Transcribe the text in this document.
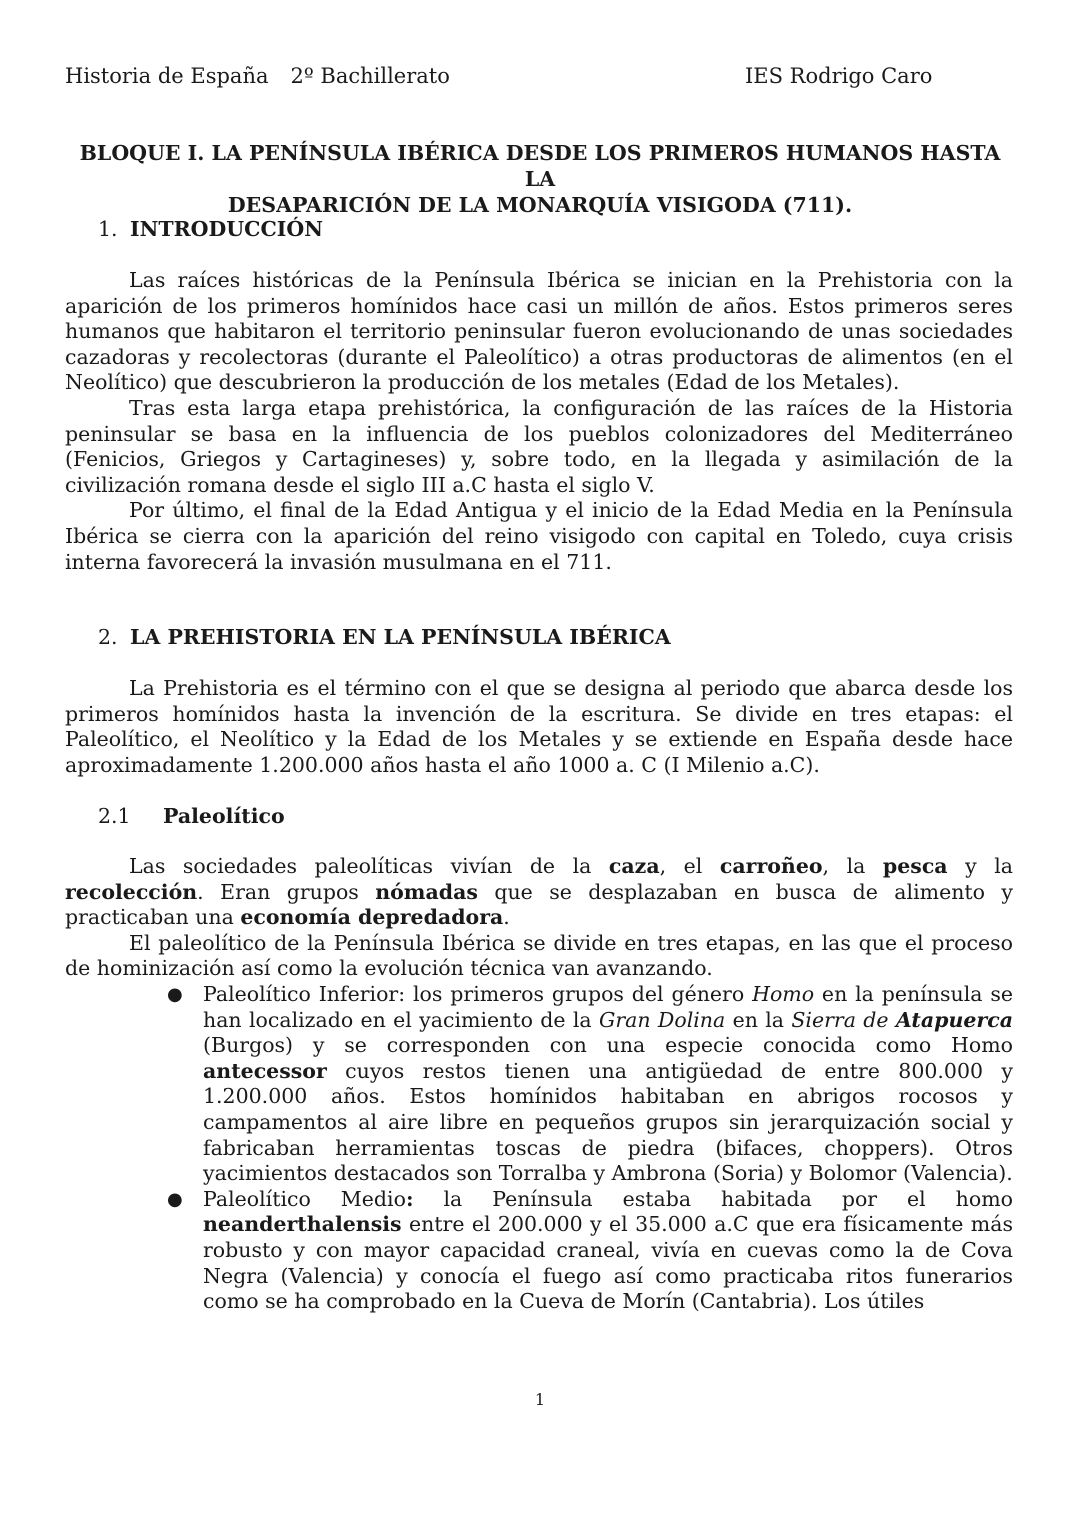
Historia de España 2º Bachillerato	IES Rodrigo Caro
BLOQUE I. LA PENÍNSULA IBÉRICA DESDE LOS PRIMEROS HUMANOS HASTA LA
DESAPARICIÓN DE LA MONARQUÍA VISIGODA (711).
1. INTRODUCCIÓN

Las raíces históricas de la Península Ibérica se inician en la Prehistoria con la aparición de los primeros homínidos hace casi un millón de años. Estos primeros seres humanos que habitaron el territorio peninsular fueron evolucionando de unas sociedades cazadoras y recolectoras (durante el Paleolítico) a otras productoras de alimentos (en el Neolítico) que descubrieron la producción de los metales (Edad de los Metales).

Tras esta larga etapa prehistórica, la configuración de las raíces de la Historia peninsular se basa en la influencia de los pueblos colonizadores del Mediterráneo (Fenicios, Griegos y Cartagineses) y, sobre todo, en la llegada y asimilación de la civilización romana desde el siglo III a.C hasta el siglo V.

Por último, el final de la Edad Antigua y el inicio de la Edad Media en la Península Ibérica se cierra con la aparición del reino visigodo con capital en Toledo, cuya crisis interna favorecerá la invasión musulmana en el 711.

2. LA PREHISTORIA EN LA PENÍNSULA IBÉRICA

La Prehistoria es el término con el que se designa al periodo que abarca desde los primeros homínidos hasta la invención de la escritura. Se divide en tres etapas: el Paleolítico, el Neolítico y la Edad de los Metales y se extiende en España desde hace aproximadamente 1.200.000 años hasta el año 1000 a. C (I Milenio a.C).

2.1 Paleolítico

Las sociedades paleolíticas vivían de la caza, el carroñeo, la pesca y la recolección. Eran grupos nómadas que se desplazaban en busca de alimento y practicaban una economía depredadora.

El paleolítico de la Península Ibérica se divide en tres etapas, en las que el proceso de hominización así como la evolución técnica van avanzando.

● Paleolítico Inferior: los primeros grupos del género Homo en la península se han localizado en el yacimiento de la Gran Dolina en la Sierra de Atapuerca (Burgos) y se corresponden con una especie conocida como Homo antecessor cuyos restos tienen una antigüedad de entre 800.000 y 1.200.000 años. Estos homínidos habitaban en abrigos rocosos y campamentos al aire libre en pequeños grupos sin jerarquización social y fabricaban herramientas toscas de piedra (bifaces, choppers). Otros yacimientos destacados son Torralba y Ambrona (Soria) y Bolomor (Valencia).
● Paleolítico Medio: la Península estaba habitada por el homo neanderthalensis entre el 200.000 y el 35.000 a.C que era físicamente más robusto y con mayor capacidad craneal, vivía en cuevas como la de Cova Negra (Valencia) y conocía el fuego así como practicaba ritos funerarios como se ha comprobado en la Cueva de Morín (Cantabria). Los útiles
1
